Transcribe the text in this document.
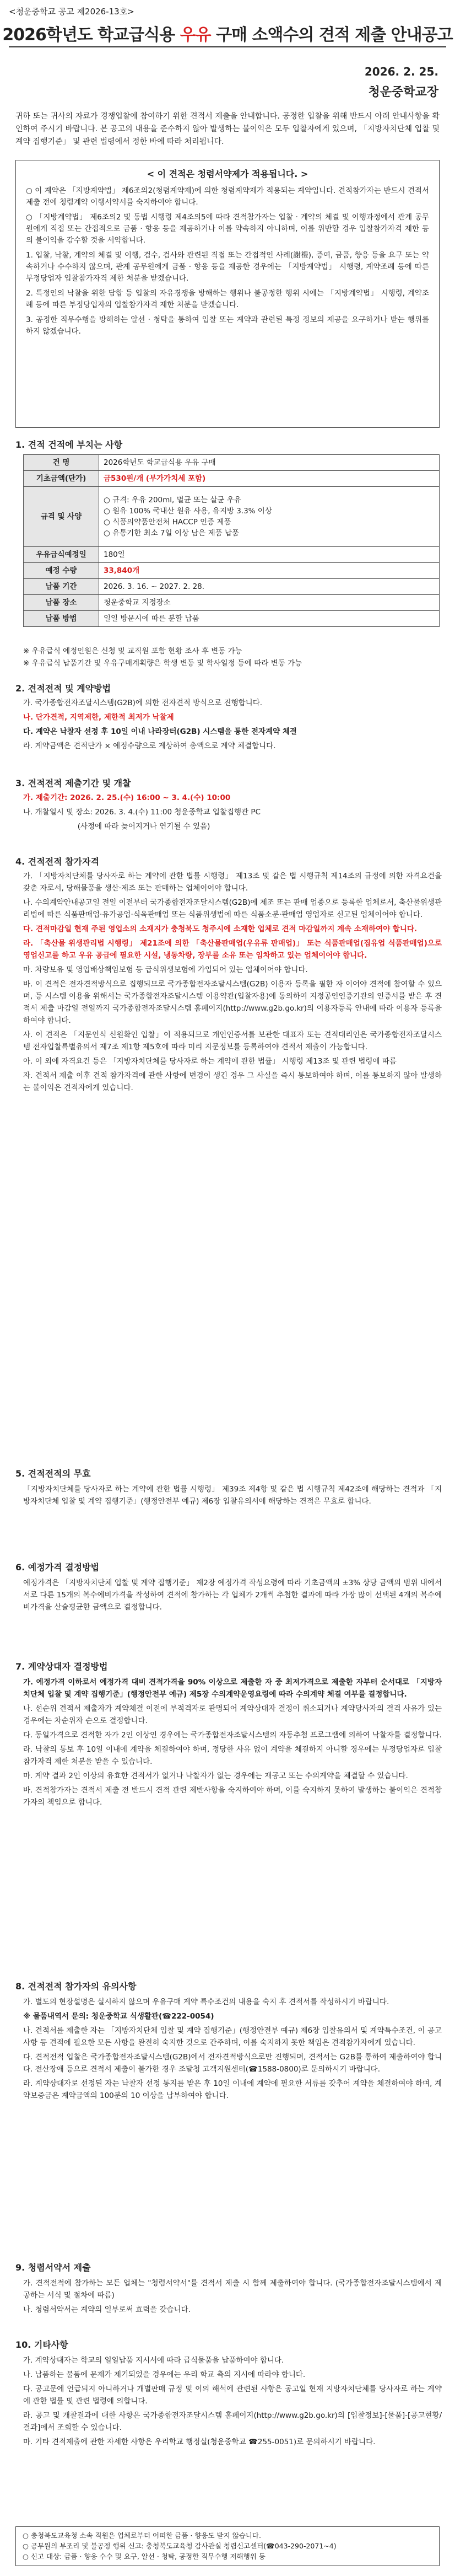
<청운중학교 공고 제2026-13호>
2026학년도 학교급식용 우유 구매 소액수의 견적 제출 안내공고
2026. 2. 25.
청운중학교장
귀하 또는 귀사의 자료가 경쟁입찰에 참여하기 위한 견적서 제출을 안내합니다. 공정한 입찰을 위해 반드시 아래 안내사항을 확인하여 주시기 바랍니다. 본 공고의 내용을 준수하지 않아 발생하는 불이익은 모두 입찰자에게 있으며, 「지방자치단체 입찰 및 계약 집행기준」 및 관련 법령에서 정한 바에 따라 처리됩니다.
< 이 견적은 청렴서약제가 적용됩니다. >

○ 이 계약은 「지방계약법」 제6조의2(청렴계약제)에 의한 청렴계약제가 적용되는 계약입니다. 견적참가자는 반드시 견적서 제출 전에 청렴계약 이행서약서를 숙지하여야 합니다.

○ 「지방계약법」 제6조의2 및 동법 시행령 제4조의5에 따라 견적참가자는 입찰 · 계약의 체결 및 이행과정에서 관계 공무원에게 직접 또는 간접적으로 금품 · 향응 등을 제공하거나 이를 약속하지 아니하며, 이를 위반할 경우 입찰참가자격 제한 등의 불이익을 감수할 것을 서약합니다.

1. 입찰, 낙찰, 계약의 체결 및 이행, 검수, 검사와 관련된 직접 또는 간접적인 사례(謝禮), 증여, 금품, 향응 등을 요구 또는 약속하거나 수수하지 않으며, 관계 공무원에게 금품 · 향응 등을 제공한 경우에는 「지방계약법」 시행령, 계약조례 등에 따른 부정당업자 입찰참가자격 제한 처분을 받겠습니다.

2. 특정인의 낙찰을 위한 담합 등 입찰의 자유경쟁을 방해하는 행위나 불공정한 행위 시에는 「지방계약법」 시행령, 계약조례 등에 따른 부정당업자의 입찰참가자격 제한 처분을 받겠습니다.

3. 공정한 직무수행을 방해하는 알선 · 청탁을 통하여 입찰 또는 계약과 관련된 특정 정보의 제공을 요구하거나 받는 행위를 하지 않겠습니다.

1. 견적 건적에 부치는 사항
건 명	2026학년도 학교급식용 우유 구매
기초금액(단가)	금530원/개 (부가가치세 포함)
규격 및 사양	○ 규격: 우유 200ml, 멸균 또는 살균 우유
○ 원유 100% 국내산 원유 사용, 유지방 3.3% 이상
○ 식품의약품안전처 HACCP 인증 제품
○ 유통기한 최소 7일 이상 남은 제품 납품
우유급식예정일	180일
예정 수량	33,840개
납품 기간	2026. 3. 16. ~ 2027. 2. 28.
납품 장소	청운중학교 지정장소
납품 방법	일일 방문시에 따른 분할 납품
※ 우유급식 예정인원은 신청 및 교직원 포함 현황 조사 후 변동 가능
※ 우유급식 납품기간 및 우유구매계획량은 학생 변동 및 학사일정 등에 따라 변동 가능
2. 견적전적 및 계약방법

가. 국가종합전자조달시스템(G2B)에 의한 전자견적 방식으로 진행합니다.

나. 단가견적, 지역제한, 제한적 최저가 낙찰제

다. 계약은 낙찰자 선정 후 10일 이내 나라장터(G2B) 시스템을 통한 전자계약 체결

라. 계약금액은 견적단가 × 예정수량으로 계상하여 총액으로 계약 체결합니다.

3. 견적전적 제출기간 및 개찰

가. 제출기간: 2026. 2. 25.(수) 16:00 ~ 3. 4.(수) 10:00

나. 개찰일시 및 장소: 2026. 3. 4.(수) 11:00 청운중학교 입찰집행관 PC

(사정에 따라 늦어지거나 연기될 수 있음)

4. 견적전적 참가자격

가. 「지방자치단체를 당사자로 하는 계약에 관한 법률 시행령」 제13조 및 같은 법 시행규칙 제14조의 규정에 의한 자격요건을 갖춘 자로서, 당해물품을 생산·제조 또는 판매하는 업체이어야 합니다.

나. 수의계약안내공고일 전일 이전부터 국가종합전자조달시스템(G2B)에 제조 또는 판매 업종으로 등록한 업체로서, 축산물위생관리법에 따른 식품판매업·유가공업·식육판매업 또는 식품위생법에 따른 식품소분·판매업 영업자로 신고된 업체이어야 합니다.

다. 견적마감일 현재 주된 영업소의 소재지가 충청북도 청주시에 소재한 업체로 견적 마감일까지 계속 소재하여야 합니다.

라. 「축산물 위생관리법 시행령」 제21조에 의한 「축산물판매업(우유류 판매업)」 또는 식품판매업(집유업 식품판매업)으로 영업신고를 하고 우유 공급에 필요한 시설, 냉동차량, 장부를 소유 또는 임차하고 있는 업체이어야 합니다.

마. 차량보유 및 영업배상책임보험 등 급식위생보험에 가입되어 있는 업체이어야 합니다.

바. 이 견적은 전자견적방식으로 집행되므로 국가종합전자조달시스템(G2B) 이용자 등록을 필한 자 이어야 견적에 참여할 수 있으며, 등 시스템 이용을 위해서는 국가종합전자조달시스템 이용약관(입찰자용)에 동의하여 지정공인인증기관의 인증서를 받은 후 견적서 제출 마감일 전일까지 국가종합전자조달시스템 홈페이지(http://www.g2b.go.kr)의 이용자등록 안내에 따라 이용자 등록을 하여야 합니다.

사. 이 견적은 「지문인식 신원확인 입찰」이 적용되므로 개인인증서를 보관한 대표자 또는 견적대리인은 국가종합전자조달시스템 전자입찰특별유의서 제7조 제1항 제5호에 따라 미리 지문정보를 등록하여야 견적서 제출이 가능합니다.

아. 이 외에 자격요건 등은 「지방자치단체를 당사자로 하는 계약에 관한 법률」 시행령 제13조 및 관련 법령에 따름

자. 견적서 제출 이후 견적 참가자격에 관한 사항에 변경이 생긴 경우 그 사실을 즉시 통보하여야 하며, 이를 통보하지 않아 발생하는 불이익은 견적자에게 있습니다.

5. 견적전적의 무효
「지방자치단체를 당사자로 하는 계약에 관한 법률 시행령」 제39조 제4항 및 같은 법 시행규칙 제42조에 해당하는 견적과 「지방자치단체 입찰 및 계약 집행기준」(행정안전부 예규) 제6장 입찰유의서에 해당하는 견적은 무효로 합니다.
6. 예정가격 결정방법
예정가격은 「지방자치단체 입찰 및 계약 집행기준」 제2장 예정가격 작성요령에 따라 기초금액의 ±3% 상당 금액의 범위 내에서 서로 다른 15개의 복수예비가격을 작성하여 견적에 참가하는 각 업체가 2개씩 추첨한 결과에 따라 가장 많이 선택된 4개의 복수예비가격을 산술평균한 금액으로 결정합니다.
7. 계약상대자 결정방법

가. 예정가격 이하로서 예정가격 대비 견적가격을 90% 이상으로 제출한 자 중 최저가격으로 제출한 자부터 순서대로 「지방자치단체 입찰 및 계약 집행기준」(행정안전부 예규) 제5장 수의계약운영요령에 따라 수의계약 체결 여부를 결정합니다.

나. 선순위 견적서 제출자가 계약체결 이전에 부적격자로 판명되어 계약상대자 결정이 취소되거나 계약당사자의 결격 사유가 있는 경우에는 차순위자 순으로 결정합니다.

다. 동일가격으로 견적한 자가 2인 이상인 경우에는 국가종합전자조달시스템의 자동추첨 프로그램에 의하여 낙찰자를 결정합니다.

라. 낙찰의 통보 후 10일 이내에 계약을 체결하여야 하며, 정당한 사유 없이 계약을 체결하지 아니할 경우에는 부정당업자로 입찰참가자격 제한 처분을 받을 수 있습니다.

마. 계약 결과 2인 이상의 유효한 견적서가 없거나 낙찰자가 없는 경우에는 재공고 또는 수의계약을 체결할 수 있습니다.

바. 견적참가자는 견적서 제출 전 반드시 견적 관련 제반사항을 숙지하여야 하며, 이를 숙지하지 못하여 발생하는 불이익은 견적참가자의 책임으로 합니다.

8. 견적전적 참가자의 유의사항

가. 별도의 현장설명은 실시하지 않으며 우유구매 계약 특수조건의 내용을 숙지 후 견적서를 작성하시기 바랍니다.

※ 물품내역서 문의: 청운중학교 식생활관(☎222-0054)

나. 견적서를 제출한 자는 「지방자치단체 입찰 및 계약 집행기준」(행정안전부 예규) 제6장 입찰유의서 및 계약특수조건, 이 공고사항 등 견적에 필요한 모든 사항을 완전히 숙지한 것으로 간주하며, 이를 숙지하지 못한 책임은 견적참가자에게 있습니다.

다. 견적전적 입찰은 국가종합전자조달시스템(G2B)에서 전자견적방식으로만 진행되며, 견적서는 G2B를 통하여 제출하여야 합니다. 전산장애 등으로 견적서 제출이 불가한 경우 조달청 고객지원센터(☎1588-0800)로 문의하시기 바랍니다.

라. 계약상대자로 선정된 자는 낙찰자 선정 통지를 받은 후 10일 이내에 계약에 필요한 서류를 갖추어 계약을 체결하여야 하며, 계약보증금은 계약금액의 100분의 10 이상을 납부하여야 합니다.

9. 청렴서약서 제출

가. 견적전적에 참가하는 모든 업체는 "청렴서약서"를 견적서 제출 시 함께 제출하여야 합니다. (국가종합전자조달시스템에서 제공하는 서식 및 절차에 따름)

나. 청렴서약서는 계약의 일부로써 효력을 갖습니다.

10. 기타사항

가. 계약상대자는 학교의 일일납품 지시서에 따라 급식물품을 납품하여야 합니다.

나. 납품하는 물품에 문제가 제기되었을 경우에는 우리 학교 측의 지시에 따라야 합니다.

다. 공고문에 언급되지 아니하거나 개별판매 규정 및 이의 해석에 관련된 사항은 공고일 현재 지방자치단체를 당사자로 하는 계약에 관한 법률 및 관련 법령에 의합니다.

라. 공고 및 개찰결과에 대한 사항은 국가종합전자조달시스템 홈페이지(http://www.g2b.go.kr)의 [입찰정보]-[물품]-[공고현황/결과]에서 조회할 수 있습니다.

마. 기타 견적제출에 관한 자세한 사항은 우리학교 행정실(청운중학교 ☎255-0051)로 문의하시기 바랍니다.

○ 충청북도교육청 소속 직원은 업체로부터 어떠한 금품 · 향응도 받지 않습니다.
○ 공무원의 부조리 및 불공정 행위 신고: 충청북도교육청 감사관실 청렴신고센터(☎043-290-2071~4)
○ 신고 대상: 금품 · 향응 수수 및 요구, 알선 · 청탁, 공정한 직무수행 저해행위 등
